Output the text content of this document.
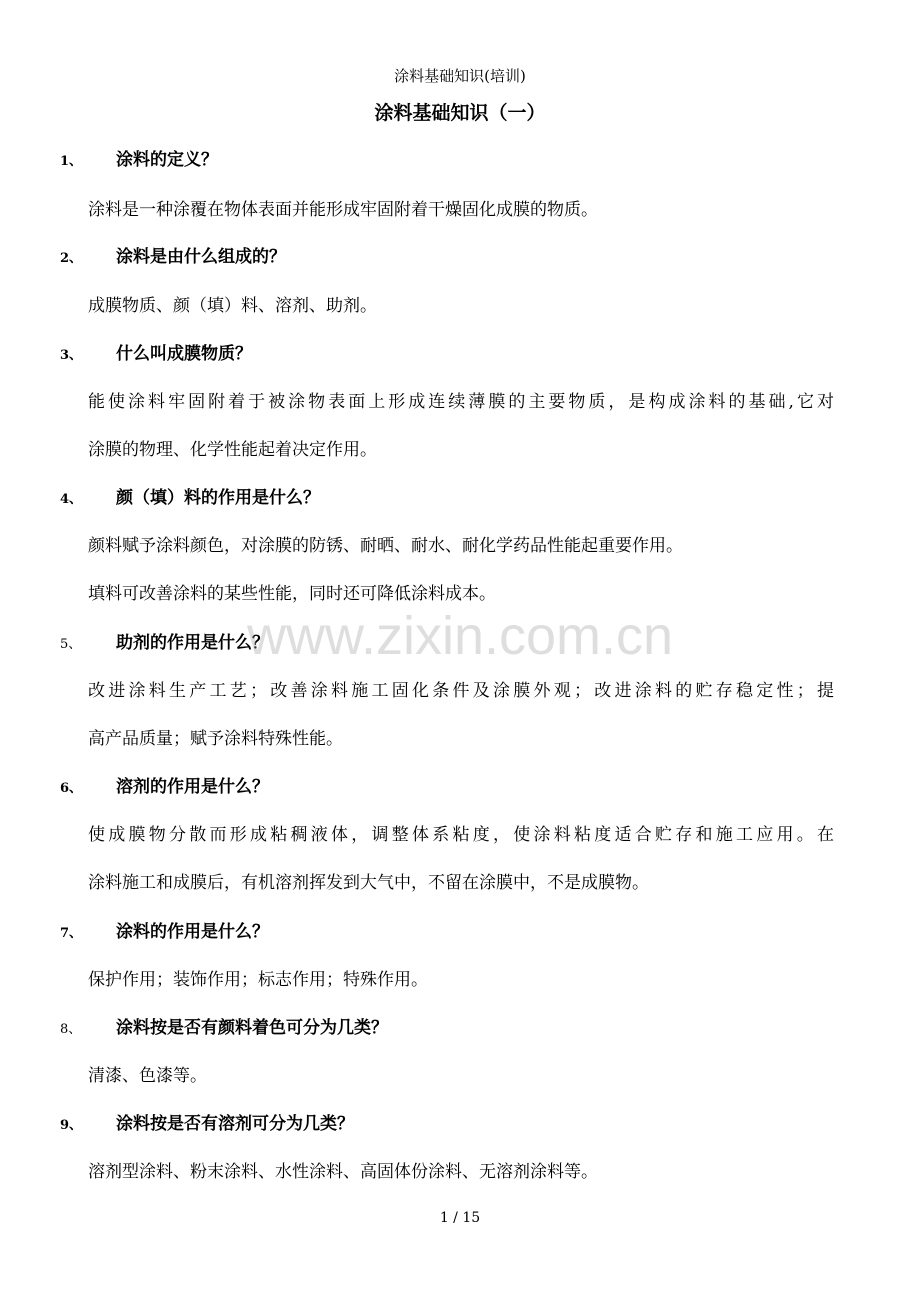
涂料基础知识(培训)
涂料基础知识（一）
1、 涂料的定义？
涂料是一种涂覆在物体表面并能形成牢固附着干燥固化成膜的物质。
2、 涂料是由什么组成的？
成膜物质、颜（填）料、溶剂、助剂。
3、 什么叫成膜物质？
能使涂料牢固附着于被涂物表面上形成连续薄膜的主要物质，是构成涂料的基础,它对
涂膜的物理、化学性能起着决定作用。
4、 颜（填）料的作用是什么？
颜料赋予涂料颜色，对涂膜的防锈、耐晒、耐水、耐化学药品性能起重要作用。
填料可改善涂料的某些性能，同时还可降低涂料成本。
5、 助剂的作用是什么？
改进涂料生产工艺；改善涂料施工固化条件及涂膜外观；改进涂料的贮存稳定性；提
高产品质量；赋予涂料特殊性能。
6、 溶剂的作用是什么？
使成膜物分散而形成粘稠液体，调整体系粘度，使涂料粘度适合贮存和施工应用。在
涂料施工和成膜后，有机溶剂挥发到大气中，不留在涂膜中，不是成膜物。
7、 涂料的作用是什么？
保护作用；装饰作用；标志作用；特殊作用。
8、 涂料按是否有颜料着色可分为几类？
清漆、色漆等。
9、 涂料按是否有溶剂可分为几类？
溶剂型涂料、粉末涂料、水性涂料、高固体份涂料、无溶剂涂料等。
www.zixin.com.cn
1 / 15
